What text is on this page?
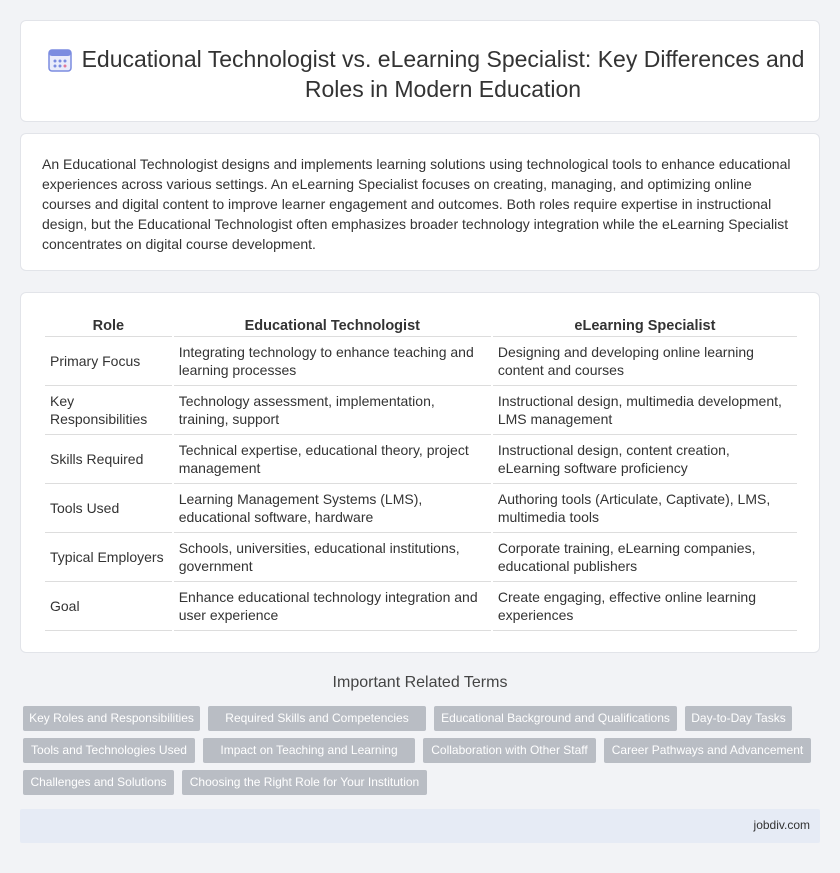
Educational Technologist vs. eLearning Specialist: Key Differences and Roles in Modern Education

An Educational Technologist designs and implements learning solutions using technological tools to enhance educational experiences across various settings. An eLearning Specialist focuses on creating, managing, and optimizing online courses and digital content to improve learner engagement and outcomes. Both roles require expertise in instructional design, but the Educational Technologist often emphasizes broader technology integration while the eLearning Specialist concentrates on digital course development.

Role	Educational Technologist	eLearning Specialist
Primary Focus	Integrating technology to enhance teaching and learning processes	Designing and developing online learning content and courses
Key Responsibilities	Technology assessment, implementation, training, support	Instructional design, multimedia development, LMS management
Skills Required	Technical expertise, educational theory, project management	Instructional design, content creation, eLearning software proficiency
Tools Used	Learning Management Systems (LMS), educational software, hardware	Authoring tools (Articulate, Captivate), LMS, multimedia tools
Typical Employers	Schools, universities, educational institutions, government	Corporate training, eLearning companies, educational publishers
Goal	Enhance educational technology integration and user experience	Create engaging, effective online learning experiences
Important Related Terms
Key Roles and Responsibilities	Required Skills and Competencies	Educational Background and Qualifications	Day-to-Day Tasks
Tools and Technologies Used	Impact on Teaching and Learning	Collaboration with Other Staff	Career Pathways and Advancement
Challenges and Solutions	Choosing the Right Role for Your Institution
jobdiv.com
